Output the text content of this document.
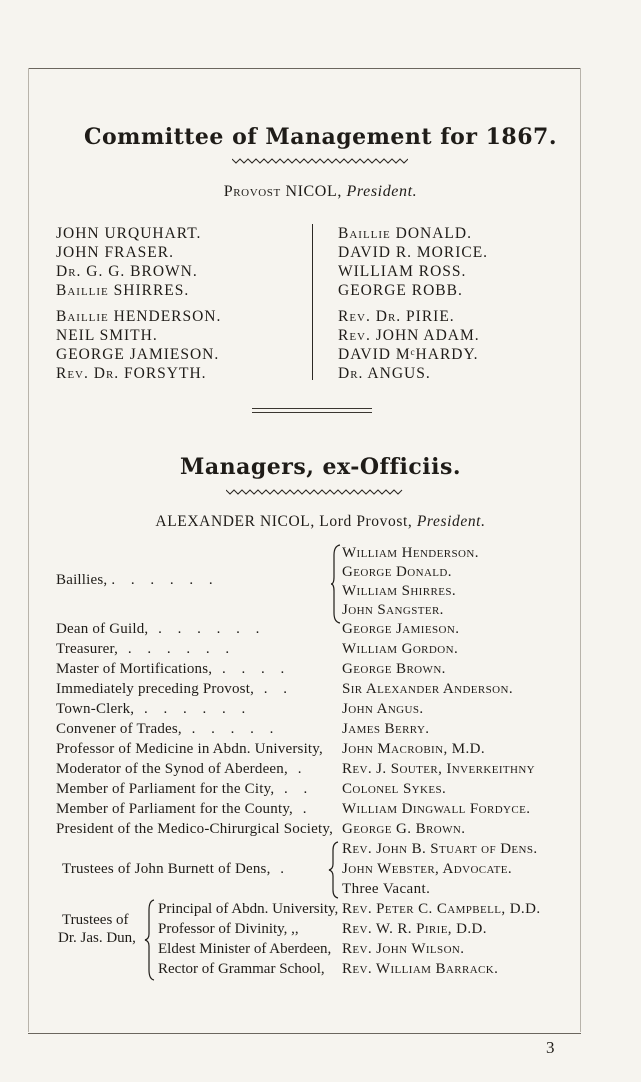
Committee of Management for 1867.
Provost NICOL, President.
JOHN URQUHART.
JOHN FRASER.
Dr. G. G. BROWN.
Baillie SHIRRES.
Baillie DONALD.
DAVID R. MORICE.
WILLIAM ROSS.
GEORGE ROBB.
Baillie HENDERSON.
NEIL SMITH.
GEORGE JAMIESON.
Rev. Dr. FORSYTH.
Rev. Dr. PIRIE.
Rev. JOHN ADAM.
DAVID MᶜHARDY.
Dr. ANGUS.
Managers, ex-Officiis.
ALEXANDER NICOL, Lord Provost, President.
Baillies, . . . . . .
William Henderson.
George Donald.
William Shirres.
John Sangster.
Dean of Guild, . . . . . .	George Jamieson.
Treasurer, . . . . . .	William Gordon.
Master of Mortifications, . . . .	George Brown.
Immediately preceding Provost, . .	Sir Alexander Anderson.
Town-Clerk, . . . . . .	John Angus.
Convener of Trades, . . . . .	James Berry.
Professor of Medicine in Abdn. University, John Macrobin, M.D.
Moderator of the Synod of Aberdeen, . Rev. J. Souter, Inverkeithny
Member of Parliament for the City, . . Colonel Sykes.
Member of Parliament for the County, . William Dingwall Fordyce.
President of the Medico-Chirurgical Society, George G. Brown.
Trustees of John Burnett of Dens, .
Rev. John B. Stuart of Dens.
John Webster, Advocate.
Three Vacant.
Trustees of
Dr. Jas. Dun,
Principal of Abdn. University, Rev. Peter C. Campbell, D.D.
Professor of Divinity, ,,	Rev. W. R. Pirie, D.D.
Eldest Minister of Aberdeen, Rev. John Wilson.
Rector of Grammar School, Rev. William Barrack.
3
